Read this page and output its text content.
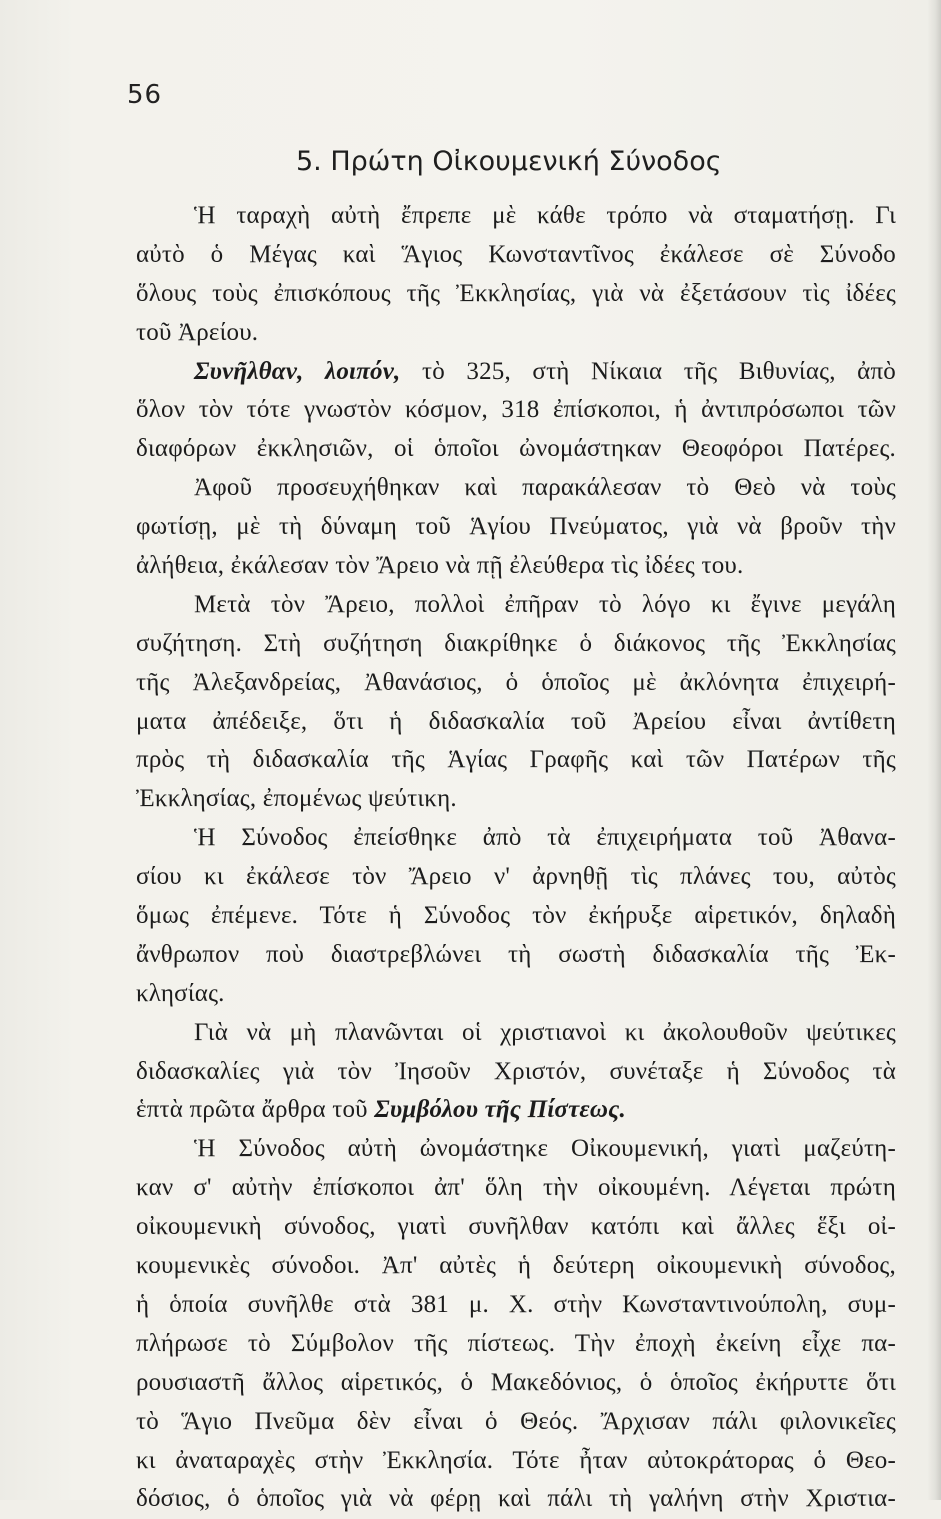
56
5. Πρώτη Οἰκουμενική Σύνοδος
Ἡ ταραχὴ αὐτὴ ἔπρεπε μὲ κάθε τρόπο νὰ σταματήσῃ. Γι
αὐτὸ ὁ Μέγας καὶ Ἅγιος Κωνσταντῖνος ἐκάλεσε σὲ Σύνοδο
ὅλους τοὺς ἐπισκόπους τῆς Ἐκκλησίας, γιὰ νὰ ἐξετάσουν τὶς ἰδέες
τοῦ Ἀρείου.
Συνῆλθαν, λοιπόν, τὸ 325, στὴ Νίκαια τῆς Βιθυνίας, ἀπὸ
ὅλον τὸν τότε γνωστὸν κόσμον, 318 ἐπίσκοποι, ἡ ἀντιπρόσωποι τῶν
διαφόρων ἐκκλησιῶν, οἱ ὁποῖοι ὠνομάστηκαν Θεοφόροι Πατέρες.
Ἀφοῦ προσευχήθηκαν καὶ παρακάλεσαν τὸ Θεὸ νὰ τοὺς
φωτίσῃ, μὲ τὴ δύναμη τοῦ Ἁγίου Πνεύματος, γιὰ νὰ βροῦν τὴν
ἀλήθεια, ἐκάλεσαν τὸν Ἄρειο νὰ πῇ ἐλεύθερα τὶς ἰδέες του.
Μετὰ τὸν Ἄρειο, πολλοὶ ἐπῆραν τὸ λόγο κι ἔγινε μεγάλη
συζήτηση. Στὴ συζήτηση διακρίθηκε ὁ διάκονος τῆς Ἐκκλησίας
τῆς Ἀλεξανδρείας, Ἀθανάσιος, ὁ ὁποῖος μὲ ἀκλόνητα ἐπιχειρή-
ματα ἀπέδειξε, ὅτι ἡ διδασκαλία τοῦ Ἀρείου εἶναι ἀντίθετη
πρὸς τὴ διδασκαλία τῆς Ἁγίας Γραφῆς καὶ τῶν Πατέρων τῆς
Ἐκκλησίας, ἐπομένως ψεύτικη.
Ἡ Σύνοδος ἐπείσθηκε ἀπὸ τὰ ἐπιχειρήματα τοῦ Ἀθανα-
σίου κι ἐκάλεσε τὸν Ἄρειο ν' ἀρνηθῇ τὶς πλάνες του, αὐτὸς
ὅμως ἐπέμενε. Τότε ἡ Σύνοδος τὸν ἐκήρυξε αἱρετικόν, δηλαδὴ
ἄνθρωπον ποὺ διαστρεβλώνει τὴ σωστὴ διδασκαλία τῆς Ἐκ-
κλησίας.
Γιὰ νὰ μὴ πλανῶνται οἱ χριστιανοὶ κι ἀκολουθοῦν ψεύτικες
διδασκαλίες γιὰ τὸν Ἰησοῦν Χριστόν, συνέταξε ἡ Σύνοδος τὰ
ἑπτὰ πρῶτα ἄρθρα τοῦ Συμβόλου τῆς Πίστεως.
Ἡ Σύνοδος αὐτὴ ὠνομάστηκε Οἰκουμενική, γιατὶ μαζεύτη-
καν σ' αὐτὴν ἐπίσκοποι ἀπ' ὅλη τὴν οἰκουμένη. Λέγεται πρώτη
οἰκουμενικὴ σύνοδος, γιατὶ συνῆλθαν κατόπι καὶ ἄλλες ἕξι οἰ-
κουμενικὲς σύνοδοι. Ἀπ' αὐτὲς ἡ δεύτερη οἰκουμενικὴ σύνοδος,
ἡ ὁποία συνῆλθε στὰ 381 μ. Χ. στὴν Κωνσταντινούπολη, συμ-
πλήρωσε τὸ Σύμβολον τῆς πίστεως. Τὴν ἐποχὴ ἐκείνη εἶχε πα-
ρουσιαστῆ ἄλλος αἱρετικός, ὁ Μακεδόνιος, ὁ ὁποῖος ἐκήρυττε ὅτι
τὸ Ἅγιο Πνεῦμα δὲν εἶναι ὁ Θεός. Ἄρχισαν πάλι φιλονικεῖες
κι ἀναταραχὲς στὴν Ἐκκλησία. Τότε ἦταν αὐτοκράτορας ὁ Θεο-
δόσιος, ὁ ὁποῖος γιὰ νὰ φέρῃ καὶ πάλι τὴ γαλήνη στὴν Χριστια-
